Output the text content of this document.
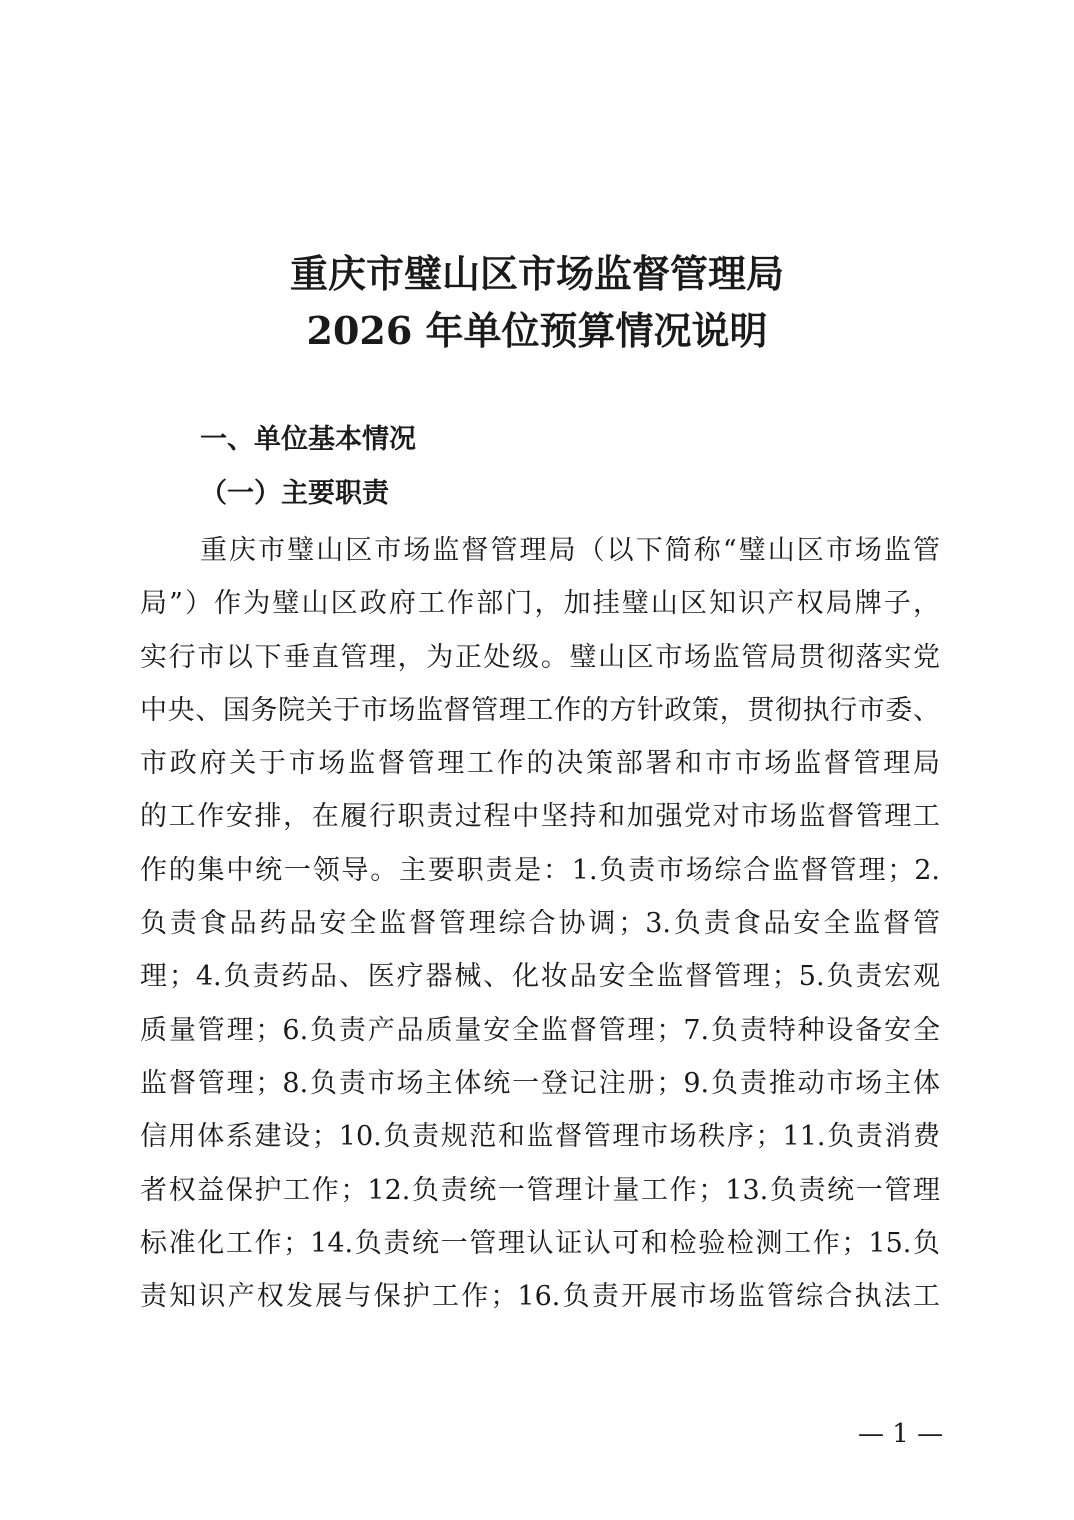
重庆市璧山区市场监督管理局
2026 年单位预算情况说明
一、单位基本情况
（一）主要职责
重庆市璧山区市场监督管理局（以下简称“璧山区市场监管
局”）作为璧山区政府工作部门，加挂璧山区知识产权局牌子，
实行市以下垂直管理，为正处级。璧山区市场监管局贯彻落实党
中央、国务院关于市场监督管理工作的方针政策，贯彻执行市委、
市政府关于市场监督管理工作的决策部署和市市场监督管理局
的工作安排，在履行职责过程中坚持和加强党对市场监督管理工
作的集中统一领导。主要职责是：1.负责市场综合监督管理；2.
负责食品药品安全监督管理综合协调；3.负责食品安全监督管
理；4.负责药品、医疗器械、化妆品安全监督管理；5.负责宏观
质量管理；6.负责产品质量安全监督管理；7.负责特种设备安全
监督管理；8.负责市场主体统一登记注册；9.负责推动市场主体
信用体系建设；10.负责规范和监督管理市场秩序；11.负责消费
者权益保护工作；12.负责统一管理计量工作；13.负责统一管理
标准化工作；14.负责统一管理认证认可和检验检测工作；15.负
责知识产权发展与保护工作；16.负责开展市场监管综合执法工
— 1 —
